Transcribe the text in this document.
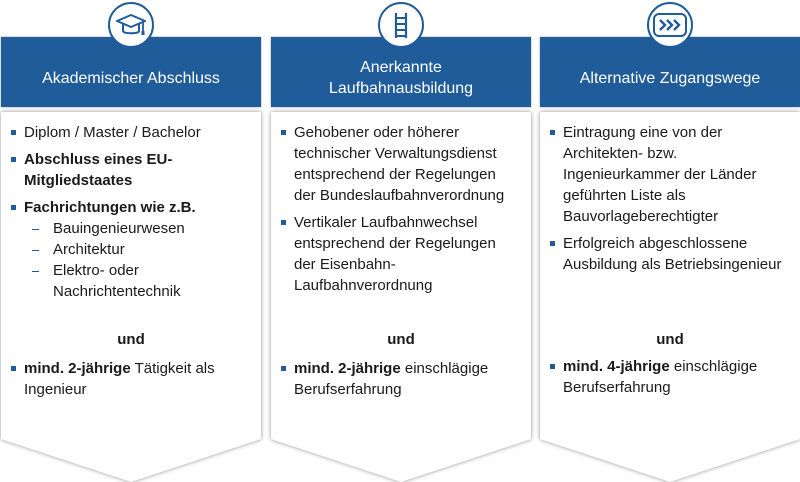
Diplom / Master / Bachelor
Abschluss eines EU-Mitgliedstaates
Fachrichtungen wie z.B.
Bauingenieurwesen
Architektur
Elektro- oder Nachrichtentechnik
und
mind. 2-jährige Tätigkeit als Ingenieur
Akademischer Abschluss
Gehobener oder höherer technischer Verwaltungsdienst entsprechend der Regelungen der Bundeslaufbahnverordnung
Vertikaler Laufbahnwechsel entsprechend der Regelungen der Eisenbahn-Laufbahnverordnung
und
mind. 2-jährige einschlägige Berufserfahrung
Anerkannte
Laufbahnausbildung
Eintragung eine von der Architekten- bzw. Ingenieurkammer der Länder geführten Liste als Bauvorlageberechtigter
Erfolgreich abgeschlossene Ausbildung als Betriebsingenieur
und
mind. 4-jährige einschlägige Berufserfahrung
Alternative Zugangswege
